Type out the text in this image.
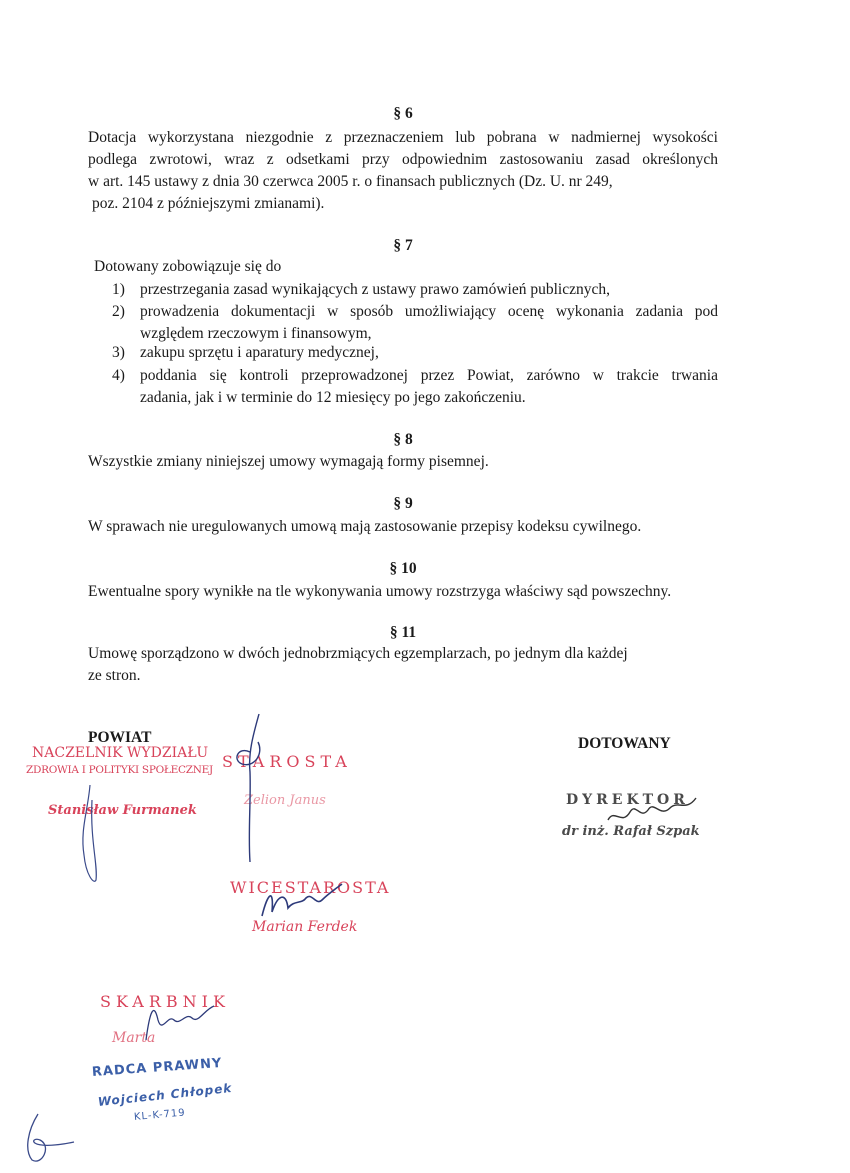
§ 6
Dotacja wykorzystana niezgodnie z przeznaczeniem lub pobrana w nadmiernej wysokości
podlega zwrotowi, wraz z odsetkami przy odpowiednim zastosowaniu zasad określonych
w art. 145 ustawy z dnia 30 czerwca 2005 r. o finansach publicznych (Dz. U. nr 249,
poz. 2104 z późniejszymi zmianami).
§ 7
Dotowany zobowiązuje się do
1) przestrzegania zasad wynikających z ustawy prawo zamówień publicznych,
2) prowadzenia dokumentacji w sposób umożliwiający ocenę wykonania zadania pod
względem rzeczowym i finansowym,
3) zakupu sprzętu i aparatury medycznej,
4) poddania się kontroli przeprowadzonej przez Powiat, zarówno w trakcie trwania
zadania, jak i w terminie do 12 miesięcy po jego zakończeniu.
§ 8
Wszystkie zmiany niniejszej umowy wymagają formy pisemnej.
§ 9
W sprawach nie uregulowanych umową mają zastosowanie przepisy kodeksu cywilnego.
§ 10
Ewentualne spory wynikłe na tle wykonywania umowy rozstrzyga właściwy sąd powszechny.
§ 11
Umowę sporządzono w dwóch jednobrzmiących egzemplarzach, po jednym dla każdej
ze stron.
POWIAT	DOTOWANY
NACZELNIK WYDZIAŁU
ZDROWIA I POLITYKI SPOŁECZNEJ
Stanisław Furmanek
STAROSTA
Zelion Janus
WICESTAROSTA
Marian Ferdek
SKARBNIK
Marta
RADCA PRAWNY
Wojciech Chłopek
KL-K-719
DYREKTOR
dr inż. Rafał Szpak
